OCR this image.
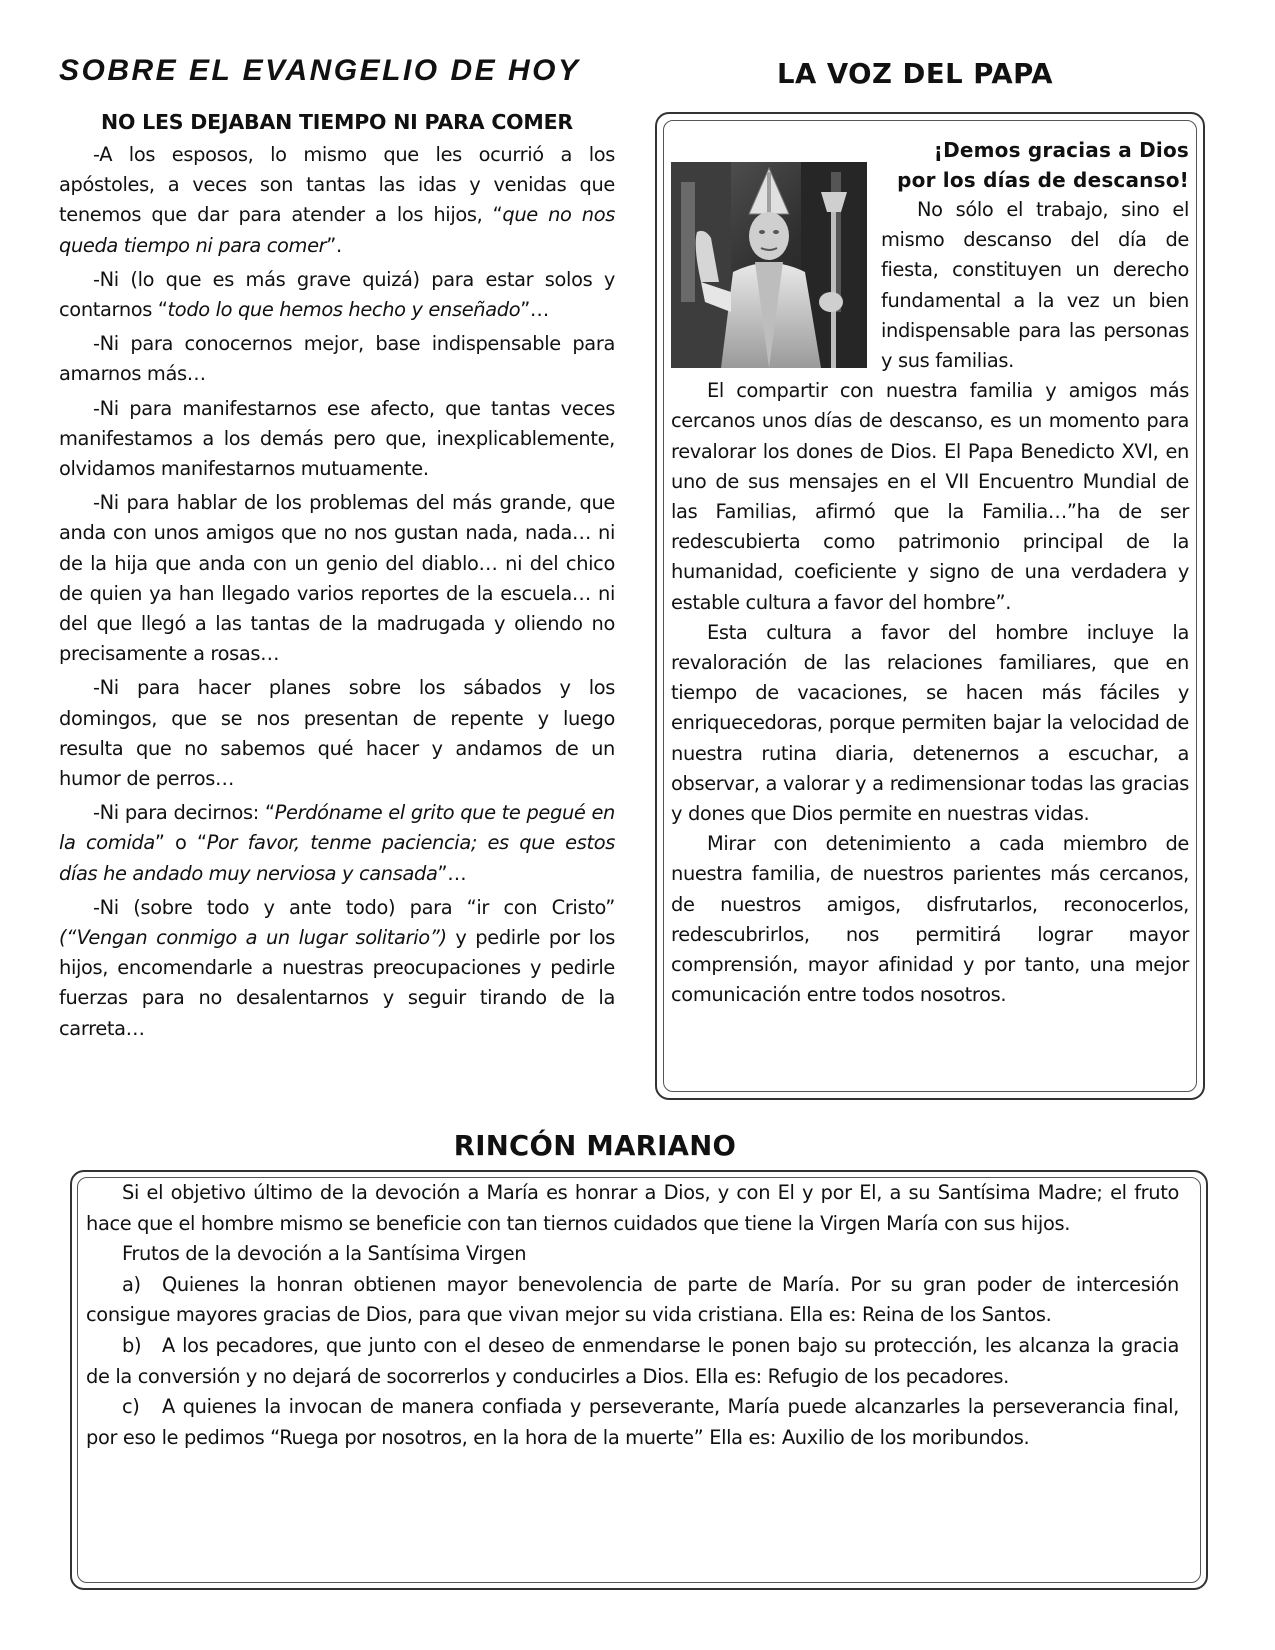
SOBRE EL EVANGELIO DE HOY
NO LES DEJABAN TIEMPO NI PARA COMER

-A los esposos, lo mismo que les ocurrió a los apóstoles, a veces son tantas las idas y venidas que tenemos que dar para atender a los hijos, “que no nos queda tiempo ni para comer”.

-Ni (lo que es más grave quizá) para estar solos y contarnos “todo lo que hemos hecho y enseñado”…

-Ni para conocernos mejor, base indispensable para amarnos más…

-Ni para manifestarnos ese afecto, que tantas veces manifestamos a los demás pero que, inexplicablemente, olvidamos manifestarnos mutuamente.

-Ni para hablar de los problemas del más grande, que anda con unos amigos que no nos gustan nada, nada… ni de la hija que anda con un genio del diablo… ni del chico de quien ya han llegado varios reportes de la escuela… ni del que llegó a las tantas de la madrugada y oliendo no precisamente a rosas…

-Ni para hacer planes sobre los sábados y los domingos, que se nos presentan de repente y luego resulta que no sabemos qué hacer y andamos de un humor de perros…

-Ni para decirnos: “Perdóname el grito que te pegué en la comida” o “Por favor, tenme paciencia; es que estos días he andado muy nerviosa y cansada”…

-Ni (sobre todo y ante todo) para “ir con Cristo” (“Vengan conmigo a un lugar solitario”) y pedirle por los hijos, encomendarle a nuestras preocupaciones y pedirle fuerzas para no desalentarnos y seguir tirando de la carreta…

LA VOZ DEL PAPA
¡Demos gracias a Dios
por los días de descanso!

No sólo el trabajo, sino el mismo descanso del día de fiesta, constituyen un derecho fundamental a la vez un bien indispensable para las personas y sus familias.

El compartir con nuestra familia y amigos más cercanos unos días de descanso, es un momento para revalorar los dones de Dios. El Papa Benedicto XVI, en uno de sus mensajes en el VII Encuentro Mundial de las Familias, afirmó que la Familia…”ha de ser redescubierta como patrimonio principal de la humanidad, coeficiente y signo de una verdadera y estable cultura a favor del hombre”.

Esta cultura a favor del hombre incluye la revaloración de las relaciones familiares, que en tiempo de vacaciones, se hacen más fáciles y enriquecedoras, porque permiten bajar la velocidad de nuestra rutina diaria, detenernos a escuchar, a observar, a valorar y a redimensionar todas las gracias y dones que Dios permite en nuestras vidas.

Mirar con detenimiento a cada miembro de nuestra familia, de nuestros parientes más cercanos, de nuestros amigos, disfrutarlos, reconocerlos, redescubrirlos, nos permitirá lograr mayor comprensión, mayor afinidad y por tanto, una mejor comunicación entre todos nosotros.

RINCÓN MARIANO

Si el objetivo último de la devoción a María es honrar a Dios, y con El y por El, a su Santísima Madre; el fruto hace que el hombre mismo se beneficie con tan tiernos cuidados que tiene la Virgen María con sus hijos.

Frutos de la devoción a la Santísima Virgen

a) Quienes la honran obtienen mayor benevolencia de parte de María. Por su gran poder de intercesión consigue mayores gracias de Dios, para que vivan mejor su vida cristiana. Ella es: Reina de los Santos.

b) A los pecadores, que junto con el deseo de enmendarse le ponen bajo su protección, les alcanza la gracia de la conversión y no dejará de socorrerlos y conducirles a Dios. Ella es: Refugio de los pecadores.

c) A quienes la invocan de manera confiada y perseverante, María puede alcanzarles la perseverancia final, por eso le pedimos “Ruega por nosotros, en la hora de la muerte” Ella es: Auxilio de los moribundos.
